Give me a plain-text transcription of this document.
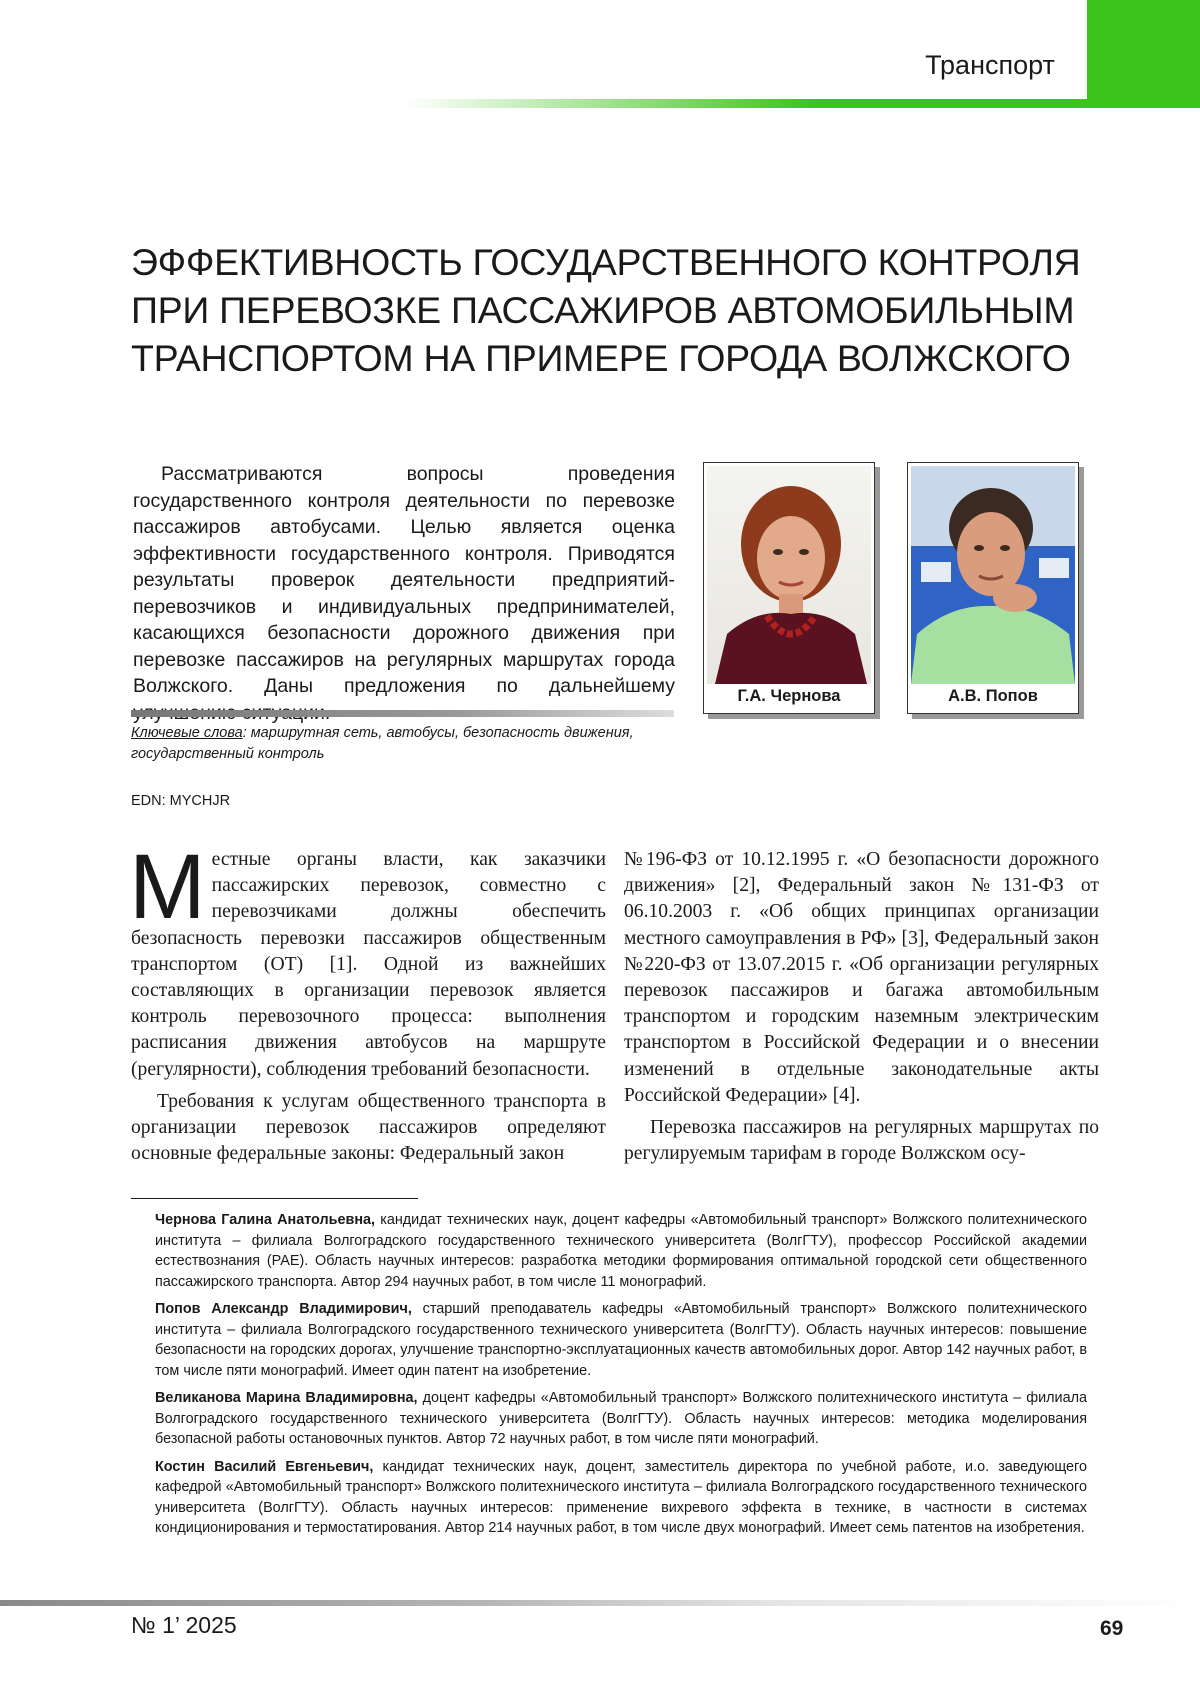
Транспорт
ЭФФЕКТИВНОСТЬ ГОСУДАРСТВЕННОГО КОНТРОЛЯ ПРИ ПЕРЕВОЗКЕ ПАССАЖИРОВ АВТОМОБИЛЬНЫМ ТРАНСПОРТОМ НА ПРИМЕРЕ ГОРОДА ВОЛЖСКОГО
Рассматриваются вопросы проведения государственного контроля деятельности по перевозке пассажиров автобусами. Целью является оценка эффективности государственного контроля. Приводятся результаты проверок деятельности предприятий-перевозчиков и индивидуальных предпринимателей, касающихся безопасности дорожного движения при перевозке пассажиров на регулярных маршрутах города Волжского. Даны предложения по дальнейшему
Ключевые слова: маршрутная сеть, автобусы, безопасность движения, государственный контроль
EDN: MYCHJR
Г.А. Чернова	А.В. Попов

Местные органы власти, как заказчики пассажирских перевозок, совместно с перевозчиками должны обеспечить безопасность перевозки пассажиров общественным транспортом (ОТ) [1]. Одной из важнейших составляющих в организации перевозок является контроль перевозочного процесса: выполнения расписания движения автобусов на маршруте (регулярности), соблюдения требований безопасности.

Требования к услугам общественного транспорта в организации перевозок пассажиров определяют основные федеральные законы: Федеральный закон

№196-ФЗ от 10.12.1995 г. «О безопасности дорожного движения» [2], Федеральный закон №131-ФЗ от 06.10.2003 г. «Об общих принципах организации местного самоуправления в РФ» [3], Федеральный закон №220-ФЗ от 13.07.2015 г. «Об организации регулярных перевозок пассажиров и багажа автомобильным транспортом и городским наземным электрическим транспортом в Российской Федерации и о внесении изменений в отдельные законодательные акты Российской Федерации» [4].

Перевозка пассажиров на регулярных маршрутах по регулируемым тарифам в городе Волжском осу-

Чернова Галина Анатольевна, кандидат технических наук, доцент кафедры «Автомобильный транспорт» Волжского политехнического института – филиала Волгоградского государственного технического университета (ВолгГТУ), профессор Российской академии естествознания (РАЕ). Область научных интересов: разработка методики формирования оптимальной городской сети общественного пассажирского транспорта. Автор 294 научных работ, в том числе 11 монографий.

Попов Александр Владимирович, старший преподаватель кафедры «Автомобильный транспорт» Волжского политехнического института – филиала Волгоградского государственного технического университета (ВолгГТУ). Область научных интересов: повышение безопасности на городских дорогах, улучшение транспортно-эксплуатационных качеств автомобильных дорог. Автор 142 научных работ, в том числе пяти монографий. Имеет один патент на изобретение.

Великанова Марина Владимировна, доцент кафедры «Автомобильный транспорт» Волжского политехнического института – филиала Волгоградского государственного технического университета (ВолгГТУ). Область научных интересов: методика моделирования безопасной работы остановочных пунктов. Автор 72 научных работ, в том числе пяти монографий.

Костин Василий Евгеньевич, кандидат технических наук, доцент, заместитель директора по учебной работе, и.о. заведующего кафедрой «Автомобильный транспорт» Волжского политехнического института – филиала Волгоградского государственного технического университета (ВолгГТУ). Область научных интересов: применение вихревого эффекта в технике, в частности в системах кондиционирования и термостатирования. Автор 214 научных работ, в том числе двух монографий. Имеет семь патентов на изобретения.

№ 1’ 2025	69
